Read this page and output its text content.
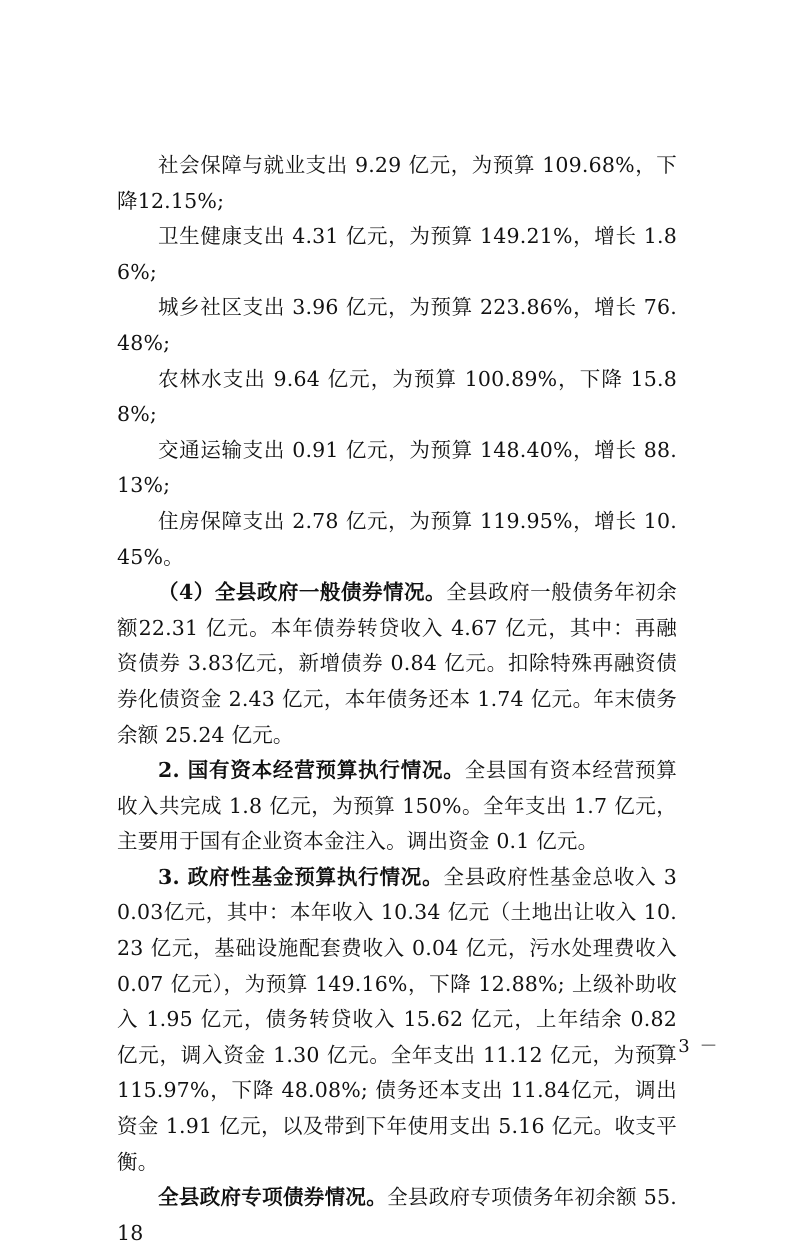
社会保障与就业支出 9.29 亿元，为预算 109.68%，下降12.15%;

卫生健康支出 4.31 亿元，为预算 149.21%，增长 1.86%;

城乡社区支出 3.96 亿元，为预算 223.86%，增长 76.48%;

农林水支出 9.64 亿元，为预算 100.89%，下降 15.88%;

交通运输支出 0.91 亿元，为预算 148.40%，增长 88.13%;

住房保障支出 2.78 亿元，为预算 119.95%，增长 10.45%。

（4）全县政府一般债券情况。全县政府一般债务年初余额22.31 亿元。本年债券转贷收入 4.67 亿元，其中：再融资债券 3.83亿元，新增债券 0.84 亿元。扣除特殊再融资债券化债资金 2.43 亿元，本年债务还本 1.74 亿元。年末债务余额 25.24 亿元。

2. 国有资本经营预算执行情况。全县国有资本经营预算收入共完成 1.8 亿元，为预算 150%。全年支出 1.7 亿元，主要用于国有企业资本金注入。调出资金 0.1 亿元。

3. 政府性基金预算执行情况。全县政府性基金总收入 30.03亿元，其中：本年收入 10.34 亿元（土地出让收入 10.23 亿元，基础设施配套费收入 0.04 亿元，污水处理费收入 0.07 亿元），为预算 149.16%，下降 12.88%; 上级补助收入 1.95 亿元，债务转贷收入 15.62 亿元，上年结余 0.82 亿元，调入资金 1.30 亿元。全年支出 11.12 亿元，为预算 115.97%，下降 48.08%; 债务还本支出 11.84亿元，调出资金 1.91 亿元，以及带到下年使用支出 5.16 亿元。收支平衡。

全县政府专项债券情况。全县政府专项债务年初余额 55.18

－ 3 －
